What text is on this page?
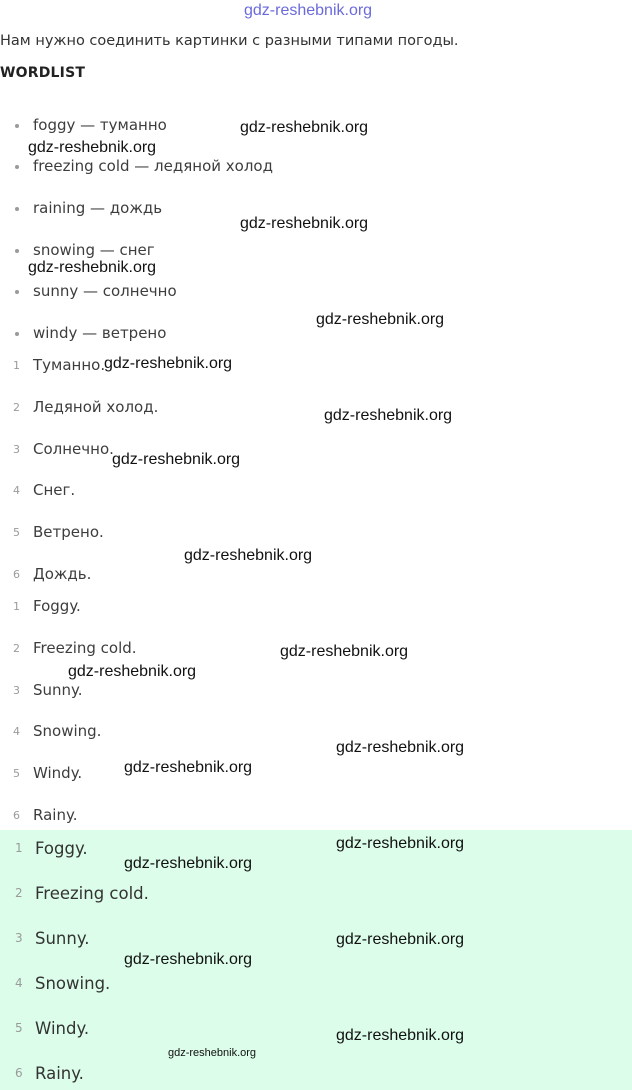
gdz-reshebnik.org
Нам нужно соединить картинки с разными типами погоды.
WORDLIST
foggy — туманно
freezing cold — ледяной холод
raining — дождь
snowing — снег
sunny — солнечно
windy — ветрено
1 Туманно.
2 Ледяной холод.
3 Солнечно.
4 Снег.
5 Ветрено.
6 Дождь.
1 Foggy.
2 Freezing cold.
3 Sunny.
4 Snowing.
5 Windy.
6 Rainy.
1 Foggy.
2 Freezing cold.
3 Sunny.
4 Snowing.
5 Windy.
6 Rainy.
gdz-reshebnik.org
gdz-reshebnik.org
gdz-reshebnik.org
gdz-reshebnik.org
gdz-reshebnik.org
gdz-reshebnik.org
gdz-reshebnik.org
gdz-reshebnik.org
gdz-reshebnik.org
gdz-reshebnik.org
gdz-reshebnik.org
gdz-reshebnik.org
gdz-reshebnik.org
gdz-reshebnik.org
gdz-reshebnik.org
gdz-reshebnik.org
gdz-reshebnik.org
gdz-reshebnik.org
gdz-reshebnik.org
